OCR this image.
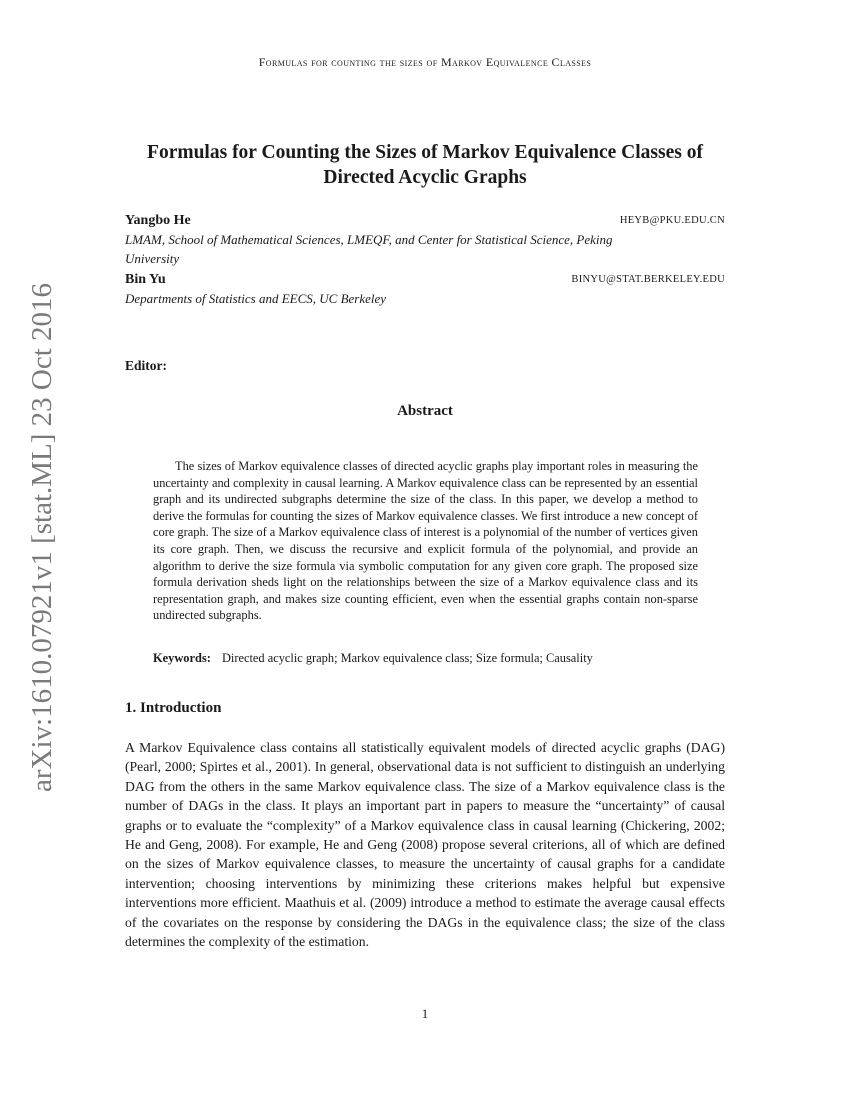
Formulas for counting the sizes of Markov Equivalence Classes
arXiv:1610.07921v1 [stat.ML] 23 Oct 2016
Formulas for Counting the Sizes of Markov Equivalence Classes of Directed Acyclic Graphs
Yangbo He	HEYB@PKU.EDU.CN
LMAM, School of Mathematical Sciences, LMEQF, and Center for Statistical Science, Peking University
Bin Yu	BINYU@STAT.BERKELEY.EDU
Departments of Statistics and EECS, UC Berkeley
Editor:
Abstract

The sizes of Markov equivalence classes of directed acyclic graphs play important roles in measuring the uncertainty and complexity in causal learning. A Markov equivalence class can be represented by an essential graph and its undirected subgraphs determine the size of the class. In this paper, we develop a method to derive the formulas for counting the sizes of Markov equivalence classes. We first introduce a new concept of core graph. The size of a Markov equivalence class of interest is a polynomial of the number of vertices given its core graph. Then, we discuss the recursive and explicit formula of the polynomial, and provide an algorithm to derive the size formula via symbolic computation for any given core graph. The proposed size formula derivation sheds light on the relationships between the size of a Markov equivalence class and its representation graph, and makes size counting efficient, even when the essential graphs contain non-sparse undirected subgraphs.

Keywords: Directed acyclic graph; Markov equivalence class; Size formula; Causality
1. Introduction

A Markov Equivalence class contains all statistically equivalent models of directed acyclic graphs (DAG) (Pearl, 2000; Spirtes et al., 2001). In general, observational data is not sufficient to distinguish an underlying DAG from the others in the same Markov equivalence class. The size of a Markov equivalence class is the number of DAGs in the class. It plays an important part in papers to measure the “uncertainty” of causal graphs or to evaluate the “complexity” of a Markov equivalence class in causal learning (Chickering, 2002; He and Geng, 2008). For example, He and Geng (2008) propose several criterions, all of which are defined on the sizes of Markov equivalence classes, to measure the uncertainty of causal graphs for a candidate intervention; choosing interventions by minimizing these criterions makes helpful but expensive interventions more efficient. Maathuis et al. (2009) introduce a method to estimate the average causal effects of the covariates on the response by considering the DAGs in the equivalence class; the size of the class determines the complexity of the estimation.

1
